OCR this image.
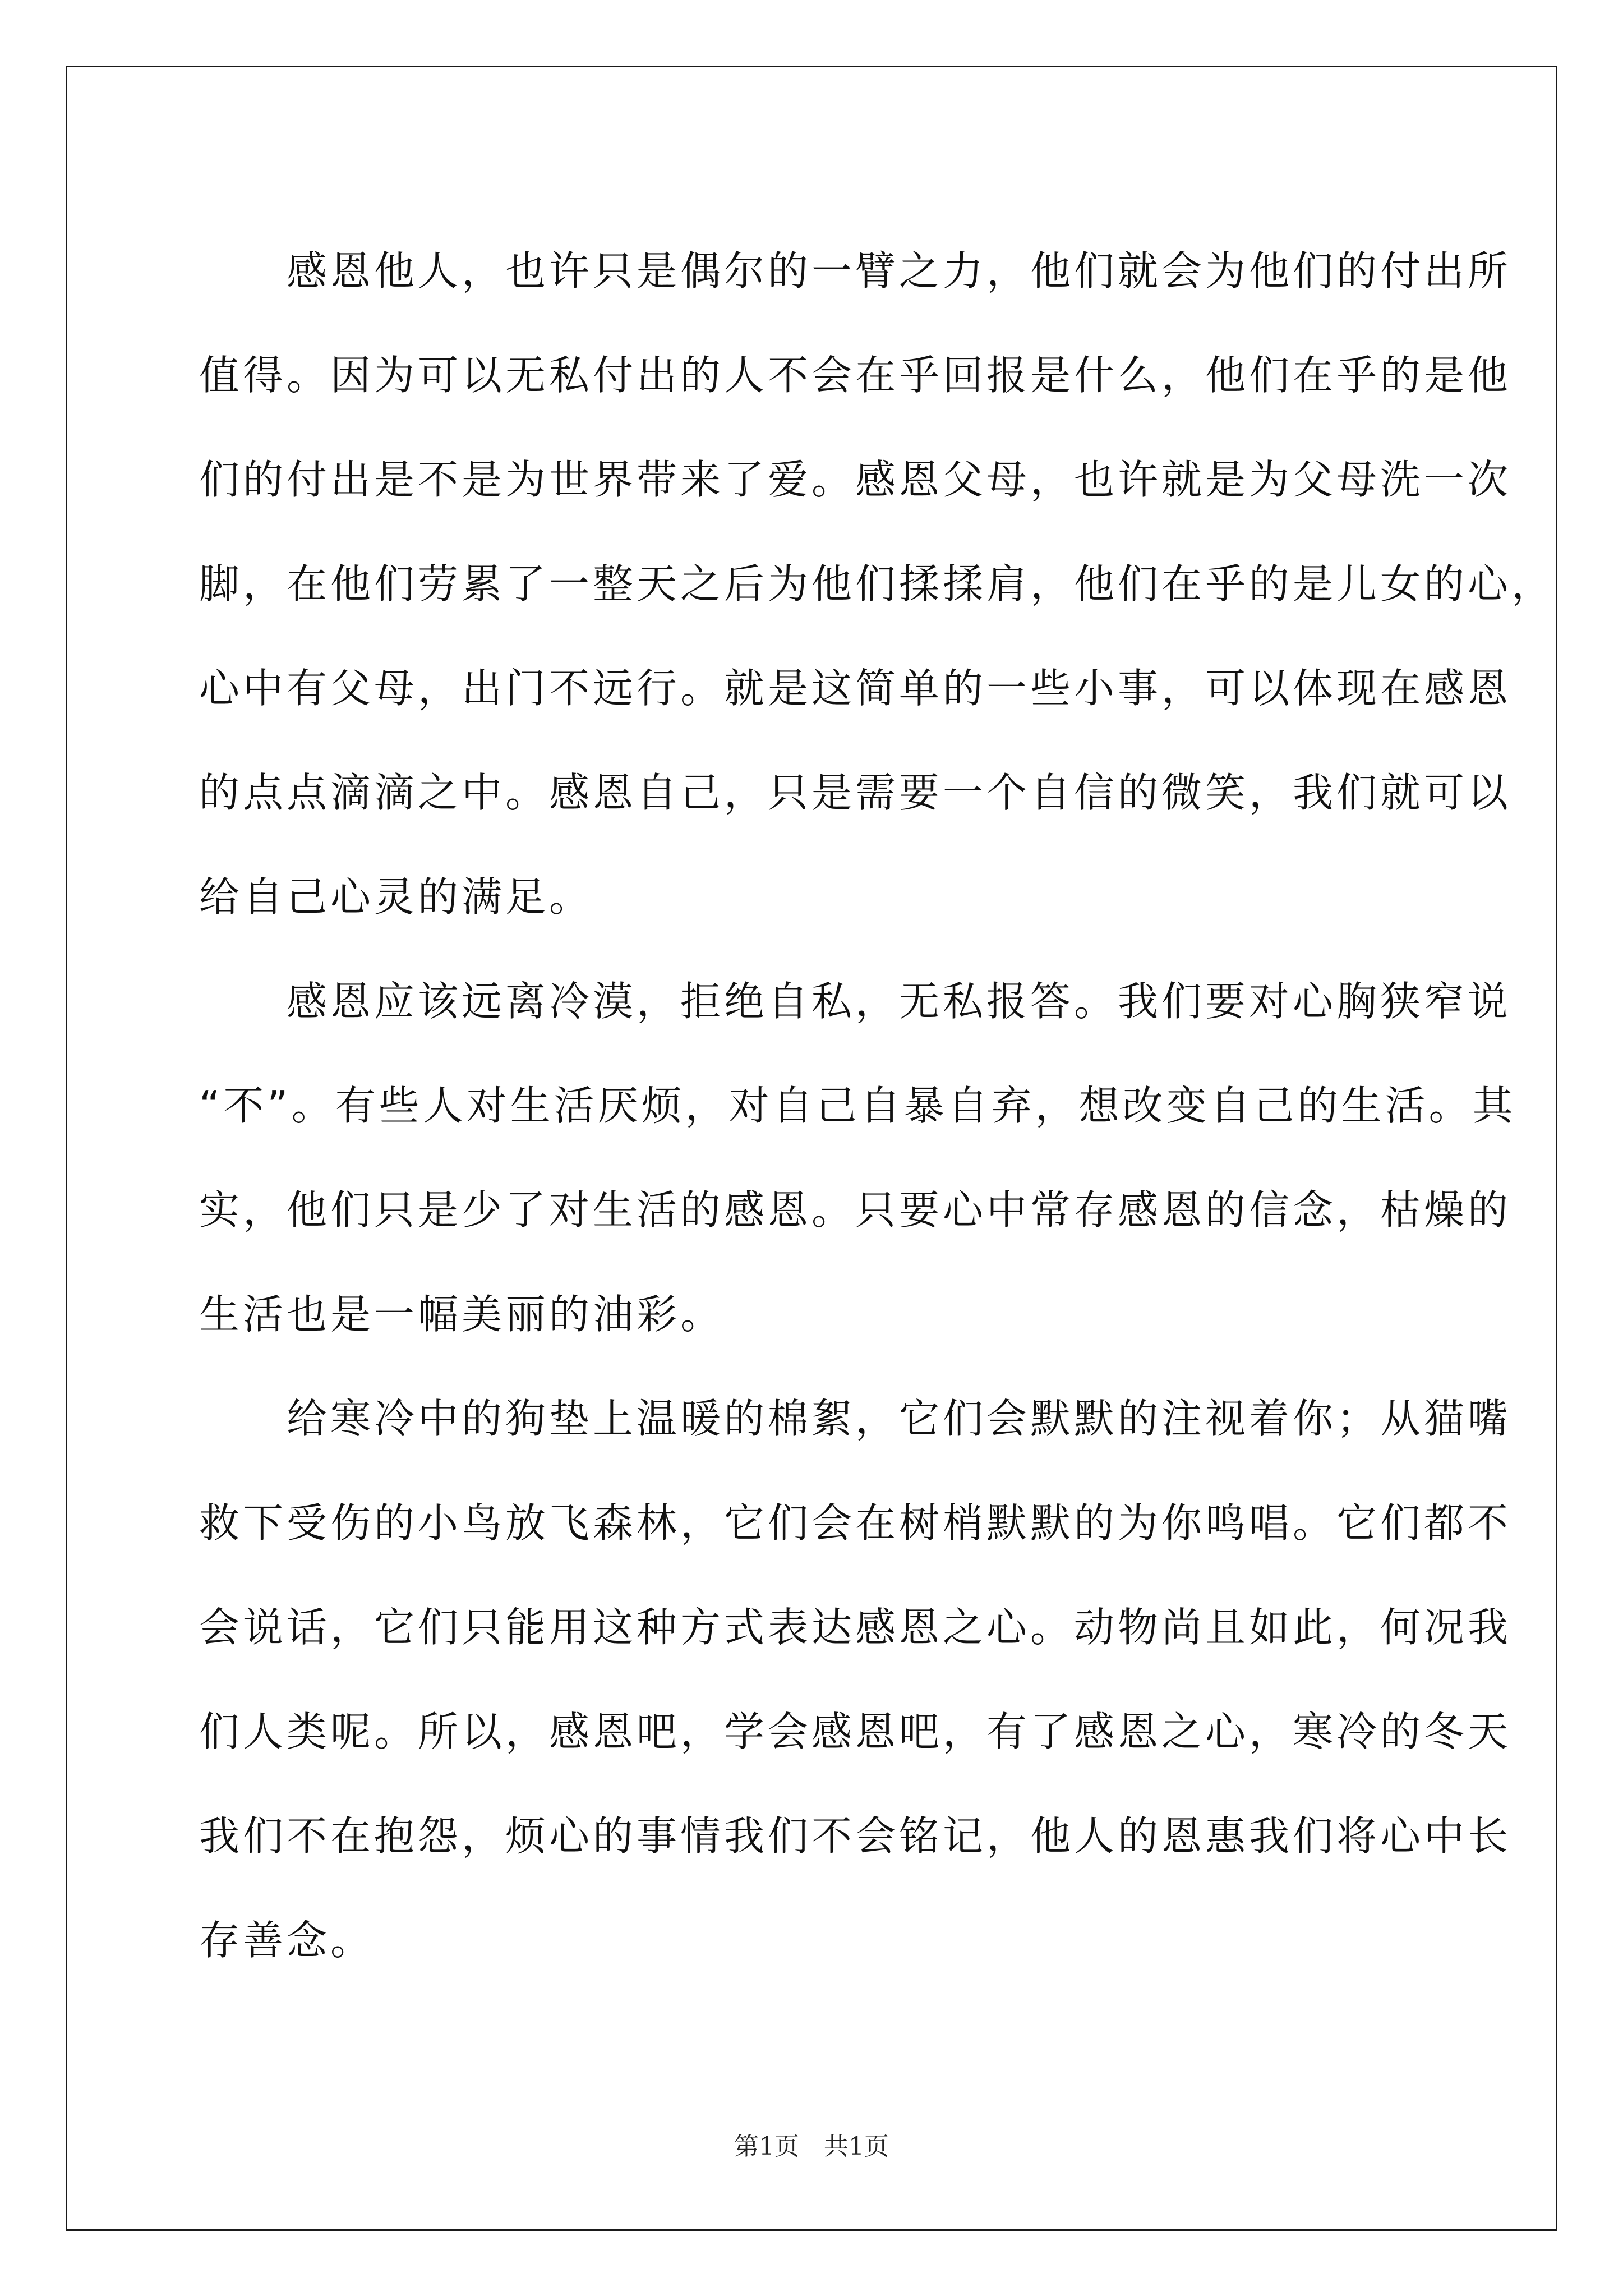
　　感恩他人，也许只是偶尔的一臂之力，他们就会为他们的付出所
值得。因为可以无私付出的人不会在乎回报是什么，他们在乎的是他
们的付出是不是为世界带来了爱。感恩父母，也许就是为父母洗一次
脚，在他们劳累了一整天之后为他们揉揉肩，他们在乎的是儿女的心，
心中有父母，出门不远行。就是这简单的一些小事，可以体现在感恩
的点点滴滴之中。感恩自己，只是需要一个自信的微笑，我们就可以
给自己心灵的满足。
　　感恩应该远离冷漠，拒绝自私，无私报答。我们要对心胸狭窄说
“不”。有些人对生活厌烦，对自己自暴自弃，想改变自己的生活。其
实，他们只是少了对生活的感恩。只要心中常存感恩的信念，枯燥的
生活也是一幅美丽的油彩。
　　给寒冷中的狗垫上温暖的棉絮，它们会默默的注视着你；从猫嘴
救下受伤的小鸟放飞森林，它们会在树梢默默的为你鸣唱。它们都不
会说话，它们只能用这种方式表达感恩之心。动物尚且如此，何况我
们人类呢。所以，感恩吧，学会感恩吧，有了感恩之心，寒冷的冬天
我们不在抱怨，烦心的事情我们不会铭记，他人的恩惠我们将心中长
存善念。
第1页　共1页
